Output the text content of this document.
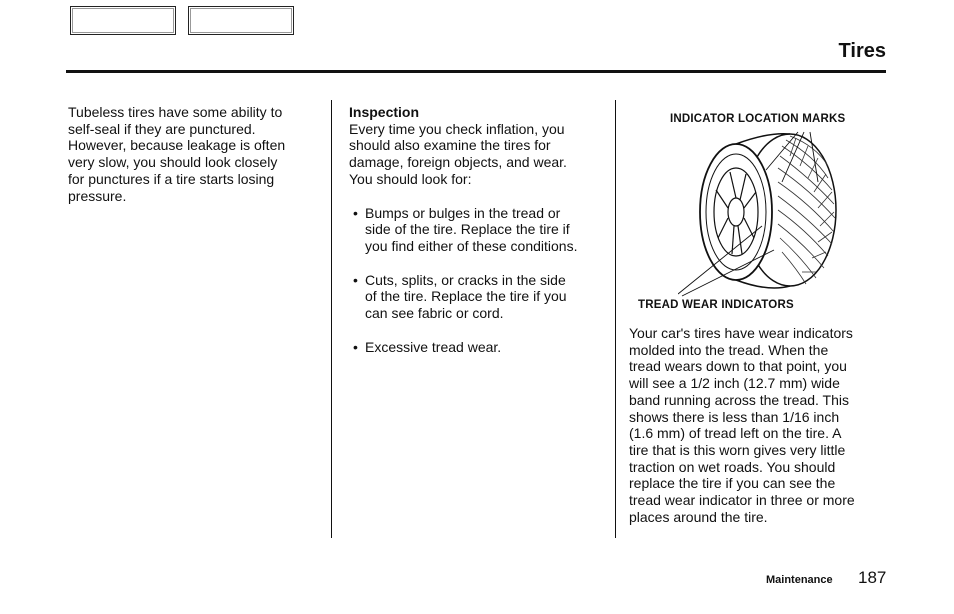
Tires
Tubeless tires have some ability to
self-seal if they are punctured.
However, because leakage is often
very slow, you should look closely
for punctures if a tire starts losing
pressure.
Inspection

Every time you check inflation, you
should also examine the tires for
damage, foreign objects, and wear.
You should look for:

• Bumps or bulges in the tread or
side of the tire. Replace the tire if
you find either of these conditions.
• Cuts, splits, or cracks in the side
of the tire. Replace the tire if you
can see fabric or cord.
• Excessive tread wear.
INDICATOR LOCATION MARKS
TREAD WEAR INDICATORS
Your car's tires have wear indicators
molded into the tread. When the
tread wears down to that point, you
will see a 1/2 inch (12.7 mm) wide
band running across the tread. This
shows there is less than 1/16 inch
(1.6 mm) of tread left on the tire. A
tire that is this worn gives very little
traction on wet roads. You should
replace the tire if you can see the
tread wear indicator in three or more
places around the tire.
Maintenance 187
